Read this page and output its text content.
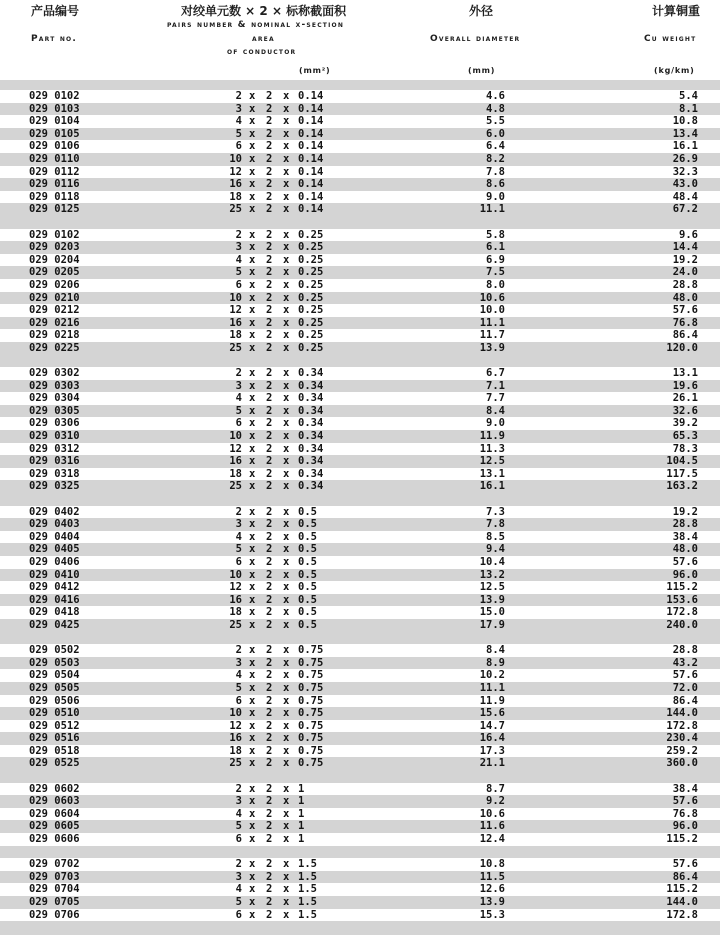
产品编号
Part no.
对绞单元数 × 2 × 标称截面积
pairs number & nominal x-section
area
of conductor
(mm²)
外径
Overall diameter
(mm)
计算铜重
Cu weight
(kg/km)
029 0102	2 x 2 x 0.14	4.6	5.4
029 0103	3 x 2 x 0.14	4.8	8.1
029 0104	4 x 2 x 0.14	5.5	10.8
029 0105	5 x 2 x 0.14	6.0	13.4
029 0106	6 x 2 x 0.14	6.4	16.1
029 0110	10 x 2 x 0.14	8.2	26.9
029 0112	12 x 2 x 0.14	7.8	32.3
029 0116	16 x 2 x 0.14	8.6	43.0
029 0118	18 x 2 x 0.14	9.0	48.4
029 0125	25 x 2 x 0.14	11.1	67.2
029 0102	2 x 2 x 0.25	5.8	9.6
029 0203	3 x 2 x 0.25	6.1	14.4
029 0204	4 x 2 x 0.25	6.9	19.2
029 0205	5 x 2 x 0.25	7.5	24.0
029 0206	6 x 2 x 0.25	8.0	28.8
029 0210	10 x 2 x 0.25	10.6	48.0
029 0212	12 x 2 x 0.25	10.0	57.6
029 0216	16 x 2 x 0.25	11.1	76.8
029 0218	18 x 2 x 0.25	11.7	86.4
029 0225	25 x 2 x 0.25	13.9	120.0
029 0302	2 x 2 x 0.34	6.7	13.1
029 0303	3 x 2 x 0.34	7.1	19.6
029 0304	4 x 2 x 0.34	7.7	26.1
029 0305	5 x 2 x 0.34	8.4	32.6
029 0306	6 x 2 x 0.34	9.0	39.2
029 0310	10 x 2 x 0.34	11.9	65.3
029 0312	12 x 2 x 0.34	11.3	78.3
029 0316	16 x 2 x 0.34	12.5	104.5
029 0318	18 x 2 x 0.34	13.1	117.5
029 0325	25 x 2 x 0.34	16.1	163.2
029 0402	2 x 2 x 0.5	7.3	19.2
029 0403	3 x 2 x 0.5	7.8	28.8
029 0404	4 x 2 x 0.5	8.5	38.4
029 0405	5 x 2 x 0.5	9.4	48.0
029 0406	6 x 2 x 0.5	10.4	57.6
029 0410	10 x 2 x 0.5	13.2	96.0
029 0412	12 x 2 x 0.5	12.5	115.2
029 0416	16 x 2 x 0.5	13.9	153.6
029 0418	18 x 2 x 0.5	15.0	172.8
029 0425	25 x 2 x 0.5	17.9	240.0
029 0502	2 x 2 x 0.75	8.4	28.8
029 0503	3 x 2 x 0.75	8.9	43.2
029 0504	4 x 2 x 0.75	10.2	57.6
029 0505	5 x 2 x 0.75	11.1	72.0
029 0506	6 x 2 x 0.75	11.9	86.4
029 0510	10 x 2 x 0.75	15.6	144.0
029 0512	12 x 2 x 0.75	14.7	172.8
029 0516	16 x 2 x 0.75	16.4	230.4
029 0518	18 x 2 x 0.75	17.3	259.2
029 0525	25 x 2 x 0.75	21.1	360.0
029 0602	2 x 2 x 1	8.7	38.4
029 0603	3 x 2 x 1	9.2	57.6
029 0604	4 x 2 x 1	10.6	76.8
029 0605	5 x 2 x 1	11.6	96.0
029 0606	6 x 2 x 1	12.4	115.2
029 0702	2 x 2 x 1.5	10.8	57.6
029 0703	3 x 2 x 1.5	11.5	86.4
029 0704	4 x 2 x 1.5	12.6	115.2
029 0705	5 x 2 x 1.5	13.9	144.0
029 0706	6 x 2 x 1.5	15.3	172.8
